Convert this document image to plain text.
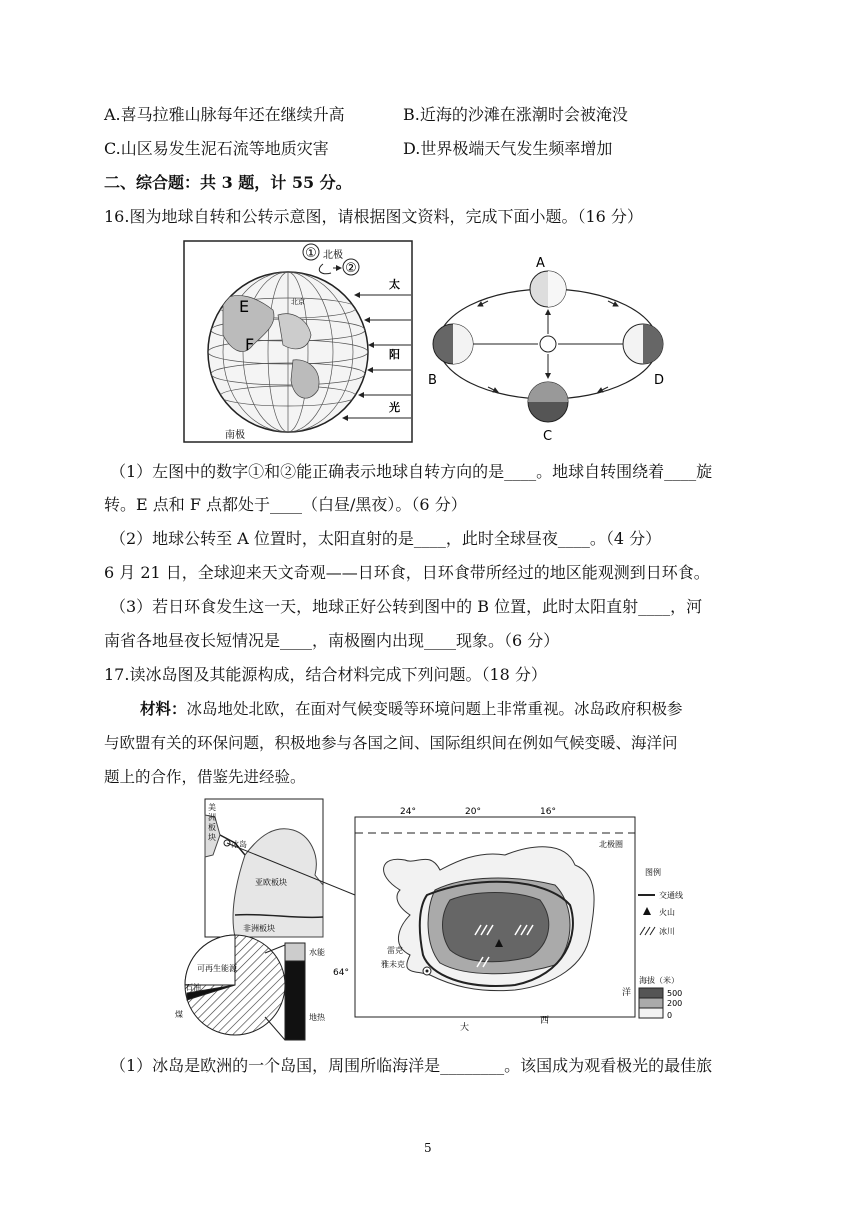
A.喜马拉雅山脉每年还在继续升高	B.近海的沙滩在涨潮时会被淹没
C.山区易发生泥石流等地质灾害	D.世界极端天气发生频率增加
二、综合题：共 3 题，计 55 分。
16.图为地球自转和公转示意图，请根据图文资料，完成下面小题。（16 分）
①
②
北极
南极
E
F
北京
太
阳
光
A
B
C
D
（1）左图中的数字①和②能正确表示地球自转方向的是____。地球自转围绕着____旋
转。E 点和 F 点都处于____（白昼/黑夜）。（6 分）
（2）地球公转至 A 位置时，太阳直射的是____，此时全球昼夜____。（4 分）
6 月 21 日，全球迎来天文奇观——日环食，日环食带所经过的地区能观测到日环食。
（3）若日环食发生这一天，地球正好公转到图中的 B 位置，此时太阳直射____，河
南省各地昼夜长短情况是____，南极圈内出现____现象。（6 分）
17.读冰岛图及其能源构成，结合材料完成下列问题。（18 分）
材料：冰岛地处北欧，在面对气候变暖等环境问题上非常重视。冰岛政府积极参
与欧盟有关的环保问题，积极地参与各国之间、国际组织间在例如气候变暖、海洋问
题上的合作，借鉴先进经验。
美
洲
板
块
冰岛
亚欧板块
非洲板块
可再生能源
石油
煤
水能
地热
北极圈
24°	20°	16°
64°
雷克
雅未克
大
西
洋
图例
交通线
火山
冰川
海拔（米）
500
200
0
（1）冰岛是欧洲的一个岛国，周围所临海洋是________。该国成为观看极光的最佳旅
5
